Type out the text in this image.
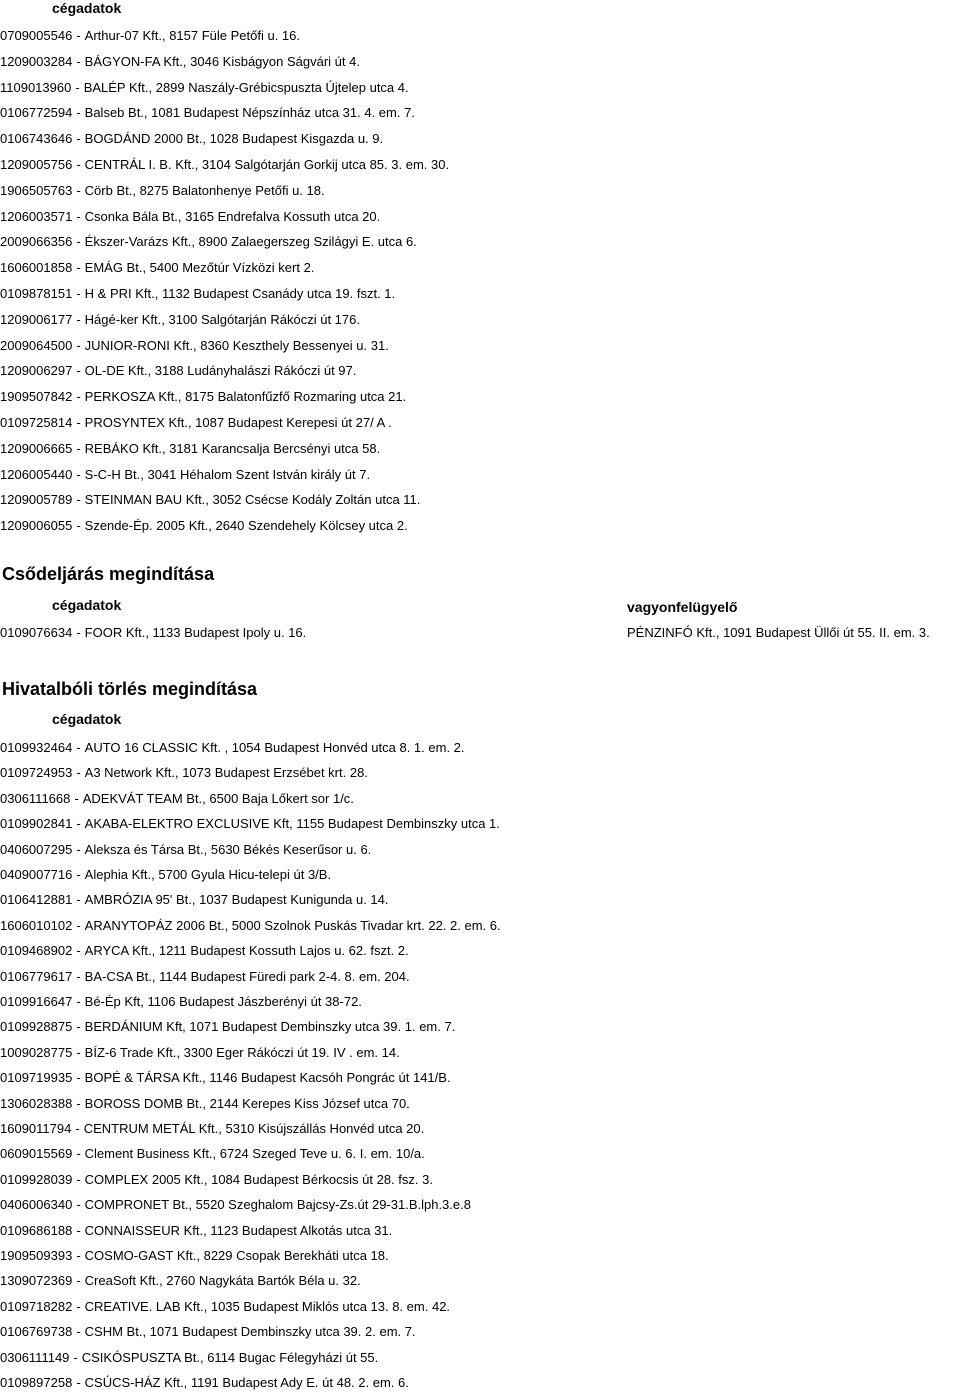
cégadatok
0709005546 - Arthur-07 Kft., 8157 Füle Petőfi u. 16.
1209003284 - BÁGYON-FA Kft., 3046 Kisbágyon Ságvári út 4.
1109013960 - BALÉP Kft., 2899 Naszály-Grébicspuszta Újtelep utca 4.
0106772594 - Balseb Bt., 1081 Budapest Népszínház utca 31. 4. em. 7.
0106743646 - BOGDÁND 2000 Bt., 1028 Budapest Kisgazda u. 9.
1209005756 - CENTRÁL I. B. Kft., 3104 Salgótarján Gorkij utca 85. 3. em. 30.
1906505763 - Cörb Bt., 8275 Balatonhenye Petőfi u. 18.
1206003571 - Csonka Bála Bt., 3165 Endrefalva Kossuth utca 20.
2009066356 - Ékszer-Varázs Kft., 8900 Zalaegerszeg Szilágyi E. utca 6.
1606001858 - EMÁG Bt., 5400 Mezőtúr Vízközi kert 2.
0109878151 - H & PRI Kft., 1132 Budapest Csanády utca 19. fszt. 1.
1209006177 - Hágé-ker Kft., 3100 Salgótarján Rákóczi út 176.
2009064500 - JUNIOR-RONI Kft., 8360 Keszthely Bessenyei u. 31.
1209006297 - OL-DE Kft., 3188 Ludányhalászi Rákóczi út 97.
1909507842 - PERKOSZA Kft., 8175 Balatonfűzfő Rozmaring utca 21.
0109725814 - PROSYNTEX Kft., 1087 Budapest Kerepesi út 27/ A .
1209006665 - REBÁKO Kft., 3181 Karancsalja Bercsényi utca 58.
1206005440 - S-C-H Bt., 3041 Héhalom Szent István király út 7.
1209005789 - STEINMAN BAU Kft., 3052 Csécse Kodály Zoltán utca 11.
1209006055 - Szende-Ép. 2005 Kft., 2640 Szendehely Kölcsey utca 2.
Csődeljárás megindítása
cégadatok	vagyonfelügyelő
0109076634 - FOOR Kft., 1133 Budapest Ipoly u. 16.	PÉNZINFÓ Kft., 1091 Budapest Üllői út 55. II. em. 3.
Hivatalbóli törlés megindítása
cégadatok
0109932464 - AUTO 16 CLASSIC Kft. , 1054 Budapest Honvéd utca 8. 1. em. 2.
0109724953 - A3 Network Kft., 1073 Budapest Erzsébet krt. 28.
0306111668 - ADEKVÁT TEAM Bt., 6500 Baja Lőkert sor 1/c.
0109902841 - AKABA-ELEKTRO EXCLUSIVE Kft, 1155 Budapest Dembinszky utca 1.
0406007295 - Aleksza és Társa Bt., 5630 Békés Keserűsor u. 6.
0409007716 - Alephia Kft., 5700 Gyula Hicu-telepi út 3/B.
0106412881 - AMBRÓZIA 95' Bt., 1037 Budapest Kunigunda u. 14.
1606010102 - ARANYTOPÁZ 2006 Bt., 5000 Szolnok Puskás Tivadar krt. 22. 2. em. 6.
0109468902 - ARYCA Kft., 1211 Budapest Kossuth Lajos u. 62. fszt. 2.
0106779617 - BA-CSA Bt., 1144 Budapest Füredi park 2-4. 8. em. 204.
0109916647 - Bé-Ép Kft, 1106 Budapest Jászberényi út 38-72.
0109928875 - BERDÁNIUM Kft, 1071 Budapest Dembinszky utca 39. 1. em. 7.
1009028775 - BÍZ-6 Trade Kft., 3300 Eger Rákóczi út 19. IV . em. 14.
0109719935 - BOPÉ & TÁRSA Kft., 1146 Budapest Kacsóh Pongrác út 141/B.
1306028388 - BOROSS DOMB Bt., 2144 Kerepes Kiss József utca 70.
1609011794 - CENTRUM METÁL Kft., 5310 Kisújszállás Honvéd utca 20.
0609015569 - Clement Business Kft., 6724 Szeged Teve u. 6. I. em. 10/a.
0109928039 - COMPLEX 2005 Kft., 1084 Budapest Bérkocsis út 28. fsz. 3.
0406006340 - COMPRONET Bt., 5520 Szeghalom Bajcsy-Zs.út 29-31.B.lph.3.e.8
0109686188 - CONNAISSEUR Kft., 1123 Budapest Alkotás utca 31.
1909509393 - COSMO-GAST Kft., 8229 Csopak Berekháti utca 18.
1309072369 - CreaSoft Kft., 2760 Nagykáta Bartók Béla u. 32.
0109718282 - CREATIVE. LAB Kft., 1035 Budapest Miklós utca 13. 8. em. 42.
0106769738 - CSHM Bt., 1071 Budapest Dembinszky utca 39. 2. em. 7.
0306111149 - CSIKÓSPUSZTA Bt., 6114 Bugac Félegyházi út 55.
0109897258 - CSÚCS-HÁZ Kft., 1191 Budapest Ady E. út 48. 2. em. 6.
